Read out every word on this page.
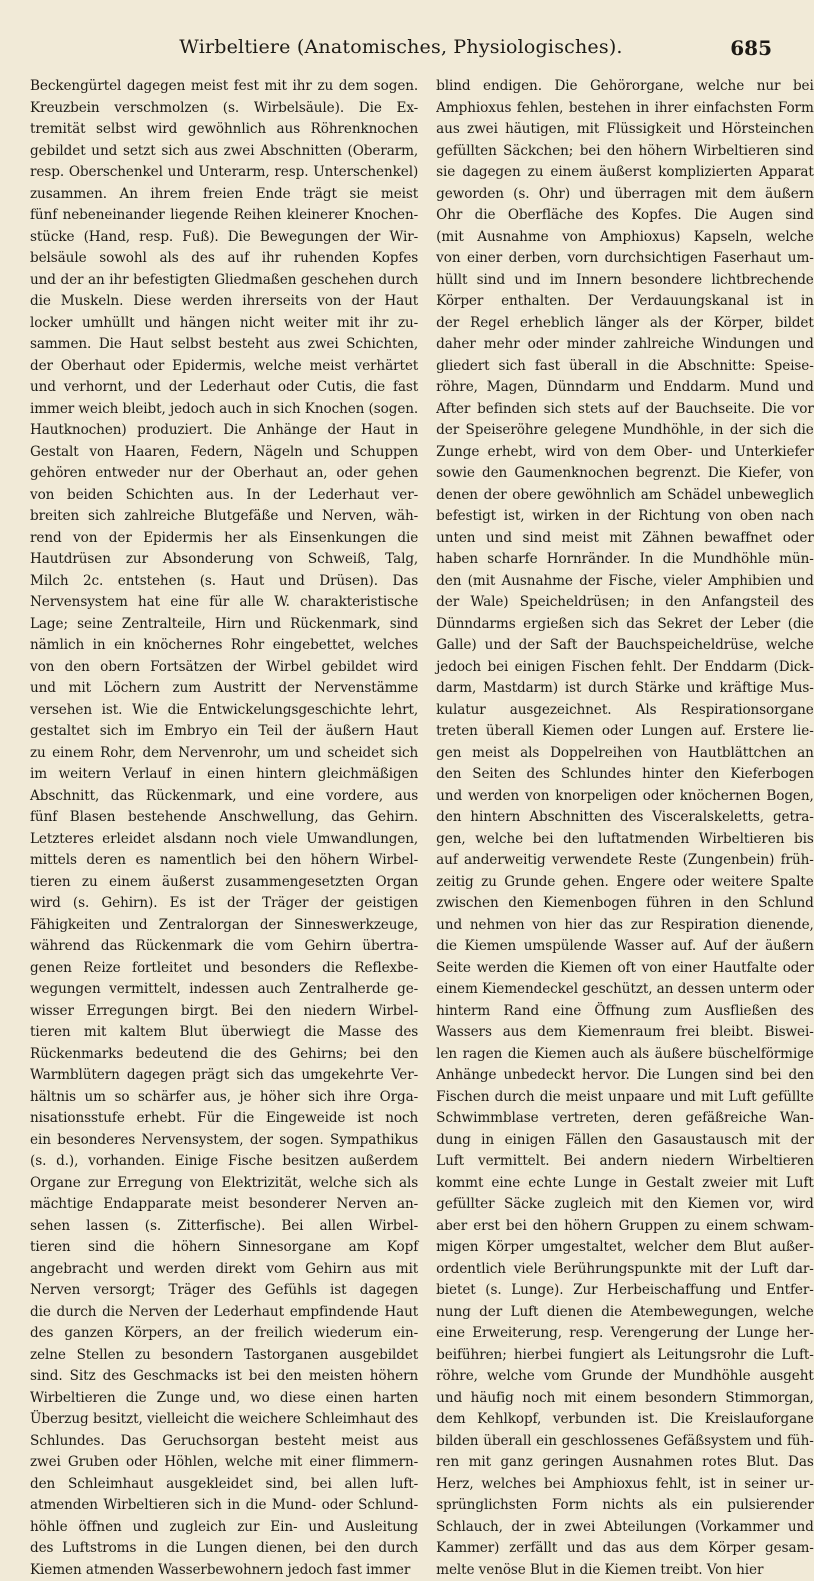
Wirbeltiere (Anatomisches, Physiologisches).	685
Beckengürtel dagegen meist fest mit ihr zu dem sogen.
Kreuzbein verschmolzen (s. Wirbelsäule). Die Ex-
tremität selbst wird gewöhnlich aus Röhrenknochen
gebildet und setzt sich aus zwei Abschnitten (Oberarm,
resp. Oberschenkel und Unterarm, resp. Unterschenkel)
zusammen. An ihrem freien Ende trägt sie meist
fünf nebeneinander liegende Reihen kleinerer Knochen-
stücke (Hand, resp. Fuß). Die Bewegungen der Wir-
belsäule sowohl als des auf ihr ruhenden Kopfes
und der an ihr befestigten Gliedmaßen geschehen durch
die Muskeln. Diese werden ihrerseits von der Haut
locker umhüllt und hängen nicht weiter mit ihr zu-
sammen. Die Haut selbst besteht aus zwei Schichten,
der Oberhaut oder Epidermis, welche meist verhärtet
und verhornt, und der Lederhaut oder Cutis, die fast
immer weich bleibt, jedoch auch in sich Knochen (sogen.
Hautknochen) produziert. Die Anhänge der Haut in
Gestalt von Haaren, Federn, Nägeln und Schuppen
gehören entweder nur der Oberhaut an, oder gehen
von beiden Schichten aus. In der Lederhaut ver-
breiten sich zahlreiche Blutgefäße und Nerven, wäh-
rend von der Epidermis her als Einsenkungen die
Hautdrüsen zur Absonderung von Schweiß, Talg,
Milch 2c. entstehen (s. Haut und Drüsen). Das
Nervensystem hat eine für alle W. charakteristische
Lage; seine Zentralteile, Hirn und Rückenmark, sind
nämlich in ein knöchernes Rohr eingebettet, welches
von den obern Fortsätzen der Wirbel gebildet wird
und mit Löchern zum Austritt der Nervenstämme
versehen ist. Wie die Entwickelungsgeschichte lehrt,
gestaltet sich im Embryo ein Teil der äußern Haut
zu einem Rohr, dem Nervenrohr, um und scheidet sich
im weitern Verlauf in einen hintern gleichmäßigen
Abschnitt, das Rückenmark, und eine vordere, aus
fünf Blasen bestehende Anschwellung, das Gehirn.
Letzteres erleidet alsdann noch viele Umwandlungen,
mittels deren es namentlich bei den höhern Wirbel-
tieren zu einem äußerst zusammengesetzten Organ
wird (s. Gehirn). Es ist der Träger der geistigen
Fähigkeiten und Zentralorgan der Sinneswerkzeuge,
während das Rückenmark die vom Gehirn übertra-
genen Reize fortleitet und besonders die Reflexbe-
wegungen vermittelt, indessen auch Zentralherde ge-
wisser Erregungen birgt. Bei den niedern Wirbel-
tieren mit kaltem Blut überwiegt die Masse des
Rückenmarks bedeutend die des Gehirns; bei den
Warmblütern dagegen prägt sich das umgekehrte Ver-
hältnis um so schärfer aus, je höher sich ihre Orga-
nisationsstufe erhebt. Für die Eingeweide ist noch
ein besonderes Nervensystem, der sogen. Sympathikus
(s. d.), vorhanden. Einige Fische besitzen außerdem
Organe zur Erregung von Elektrizität, welche sich als
mächtige Endapparate meist besonderer Nerven an-
sehen lassen (s. Zitterfische). Bei allen Wirbel-
tieren sind die höhern Sinnesorgane am Kopf
angebracht und werden direkt vom Gehirn aus mit
Nerven versorgt; Träger des Gefühls ist dagegen
die durch die Nerven der Lederhaut empfindende Haut
des ganzen Körpers, an der freilich wiederum ein-
zelne Stellen zu besondern Tastorganen ausgebildet
sind. Sitz des Geschmacks ist bei den meisten höhern
Wirbeltieren die Zunge und, wo diese einen harten
Überzug besitzt, vielleicht die weichere Schleimhaut des
Schlundes. Das Geruchsorgan besteht meist aus
zwei Gruben oder Höhlen, welche mit einer flimmern-
den Schleimhaut ausgekleidet sind, bei allen luft-
atmenden Wirbeltieren sich in die Mund- oder Schlund-
höhle öffnen und zugleich zur Ein- und Ausleitung
des Luftstroms in die Lungen dienen, bei den durch
Kiemen atmenden Wasserbewohnern jedoch fast immer
blind endigen. Die Gehörorgane, welche nur bei
Amphioxus fehlen, bestehen in ihrer einfachsten Form
aus zwei häutigen, mit Flüssigkeit und Hörsteinchen
gefüllten Säckchen; bei den höhern Wirbeltieren sind
sie dagegen zu einem äußerst komplizierten Apparat
geworden (s. Ohr) und überragen mit dem äußern
Ohr die Oberfläche des Kopfes. Die Augen sind
(mit Ausnahme von Amphioxus) Kapseln, welche
von einer derben, vorn durchsichtigen Faserhaut um-
hüllt sind und im Innern besondere lichtbrechende
Körper enthalten. Der Verdauungskanal ist in
der Regel erheblich länger als der Körper, bildet
daher mehr oder minder zahlreiche Windungen und
gliedert sich fast überall in die Abschnitte: Speise-
röhre, Magen, Dünndarm und Enddarm. Mund und
After befinden sich stets auf der Bauchseite. Die vor
der Speiseröhre gelegene Mundhöhle, in der sich die
Zunge erhebt, wird von dem Ober- und Unterkiefer
sowie den Gaumenknochen begrenzt. Die Kiefer, von
denen der obere gewöhnlich am Schädel unbeweglich
befestigt ist, wirken in der Richtung von oben nach
unten und sind meist mit Zähnen bewaffnet oder
haben scharfe Hornränder. In die Mundhöhle mün-
den (mit Ausnahme der Fische, vieler Amphibien und
der Wale) Speicheldrüsen; in den Anfangsteil des
Dünndarms ergießen sich das Sekret der Leber (die
Galle) und der Saft der Bauchspeicheldrüse, welche
jedoch bei einigen Fischen fehlt. Der Enddarm (Dick-
darm, Mastdarm) ist durch Stärke und kräftige Mus-
kulatur ausgezeichnet. Als Respirationsorgane
treten überall Kiemen oder Lungen auf. Erstere lie-
gen meist als Doppelreihen von Hautblättchen an
den Seiten des Schlundes hinter den Kieferbogen
und werden von knorpeligen oder knöchernen Bogen,
den hintern Abschnitten des Visceralskeletts, getra-
gen, welche bei den luftatmenden Wirbeltieren bis
auf anderweitig verwendete Reste (Zungenbein) früh-
zeitig zu Grunde gehen. Engere oder weitere Spalte
zwischen den Kiemenbogen führen in den Schlund
und nehmen von hier das zur Respiration dienende,
die Kiemen umspülende Wasser auf. Auf der äußern
Seite werden die Kiemen oft von einer Hautfalte oder
einem Kiemendeckel geschützt, an dessen unterm oder
hinterm Rand eine Öffnung zum Ausfließen des
Wassers aus dem Kiemenraum frei bleibt. Biswei-
len ragen die Kiemen auch als äußere büschelförmige
Anhänge unbedeckt hervor. Die Lungen sind bei den
Fischen durch die meist unpaare und mit Luft gefüllte
Schwimmblase vertreten, deren gefäßreiche Wan-
dung in einigen Fällen den Gasaustausch mit der
Luft vermittelt. Bei andern niedern Wirbeltieren
kommt eine echte Lunge in Gestalt zweier mit Luft
gefüllter Säcke zugleich mit den Kiemen vor, wird
aber erst bei den höhern Gruppen zu einem schwam-
migen Körper umgestaltet, welcher dem Blut außer-
ordentlich viele Berührungspunkte mit der Luft dar-
bietet (s. Lunge). Zur Herbeischaffung und Entfer-
nung der Luft dienen die Atembewegungen, welche
eine Erweiterung, resp. Verengerung der Lunge her-
beiführen; hierbei fungiert als Leitungsrohr die Luft-
röhre, welche vom Grunde der Mundhöhle ausgeht
und häufig noch mit einem besondern Stimmorgan,
dem Kehlkopf, verbunden ist. Die Kreislauforgane
bilden überall ein geschlossenes Gefäßsystem und füh-
ren mit ganz geringen Ausnahmen rotes Blut. Das
Herz, welches bei Amphioxus fehlt, ist in seiner ur-
sprünglichsten Form nichts als ein pulsierender
Schlauch, der in zwei Abteilungen (Vorkammer und
Kammer) zerfällt und das aus dem Körper gesam-
melte venöse Blut in die Kiemen treibt. Von hier
